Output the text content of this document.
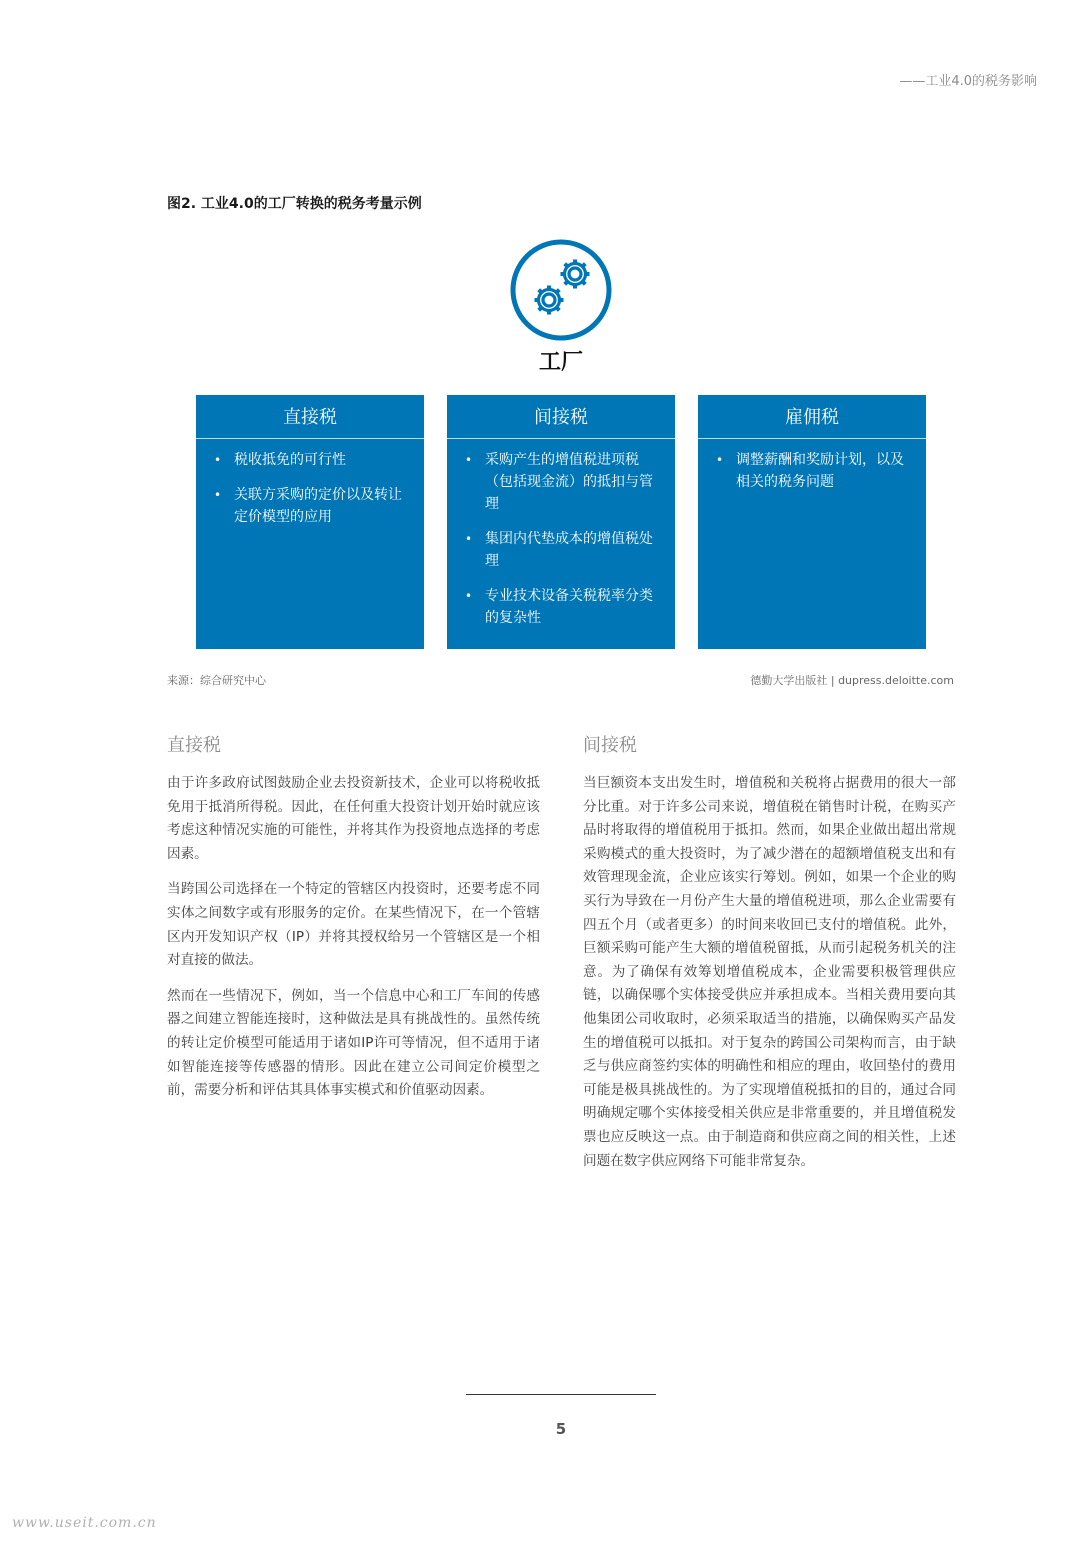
——工业4.0的税务影响
图2. 工业4.0的工厂转换的税务考量示例
工厂
直接税
• 税收抵免的可行性
• 关联方采购的定价以及转让定价模型的应用
间接税
• 采购产生的增值税进项税（包括现金流）的抵扣与管理
• 集团内代垫成本的增值税处理
• 专业技术设备关税税率分类的复杂性
雇佣税
• 调整薪酬和奖励计划，以及相关的税务问题
来源：综合研究中心	德勤大学出版社 | dupress.deloitte.com
直接税	间接税

由于许多政府试图鼓励企业去投资新技术，企业可以将税收抵免用于抵消所得税。因此，在任何重大投资计划开始时就应该考虑这种情况实施的可能性，并将其作为投资地点选择的考虑因素。

当跨国公司选择在一个特定的管辖区内投资时，还要考虑不同实体之间数字或有形服务的定价。在某些情况下，在一个管辖区内开发知识产权（IP）并将其授权给另一个管辖区是一个相对直接的做法。

然而在一些情况下，例如，当一个信息中心和工厂车间的传感器之间建立智能连接时，这种做法是具有挑战性的。虽然传统的转让定价模型可能适用于诸如IP许可等情况，但不适用于诸如智能连接等传感器的情形。因此在建立公司间定价模型之前，需要分析和评估其具体事实模式和价值驱动因素。

当巨额资本支出发生时，增值税和关税将占据费用的很大一部分比重。对于许多公司来说，增值税在销售时计税，在购买产品时将取得的增值税用于抵扣。然而，如果企业做出超出常规采购模式的重大投资时，为了减少潜在的超额增值税支出和有效管理现金流，企业应该实行筹划。例如，如果一个企业的购买行为导致在一月份产生大量的增值税进项，那么企业需要有四五个月（或者更多）的时间来收回已支付的增值税。此外，巨额采购可能产生大额的增值税留抵，从而引起税务机关的注意。为了确保有效筹划增值税成本，企业需要积极管理供应链，以确保哪个实体接受供应并承担成本。当相关费用要向其他集团公司收取时，必须采取适当的措施，以确保购买产品发生的增值税可以抵扣。对于复杂的跨国公司架构而言，由于缺乏与供应商签约实体的明确性和相应的理由，收回垫付的费用可能是极具挑战性的。为了实现增值税抵扣的目的，通过合同明确规定哪个实体接受相关供应是非常重要的，并且增值税发票也应反映这一点。由于制造商和供应商之间的相关性，上述问题在数字供应网络下可能非常复杂。

5
www.useit.com.cn
